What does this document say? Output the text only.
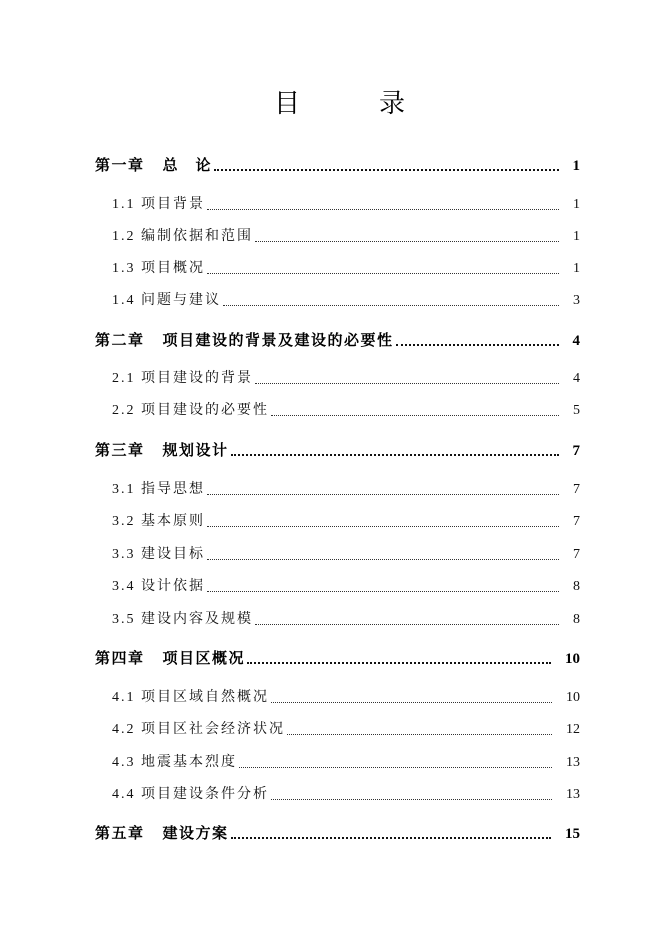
目	录
第一章 总　论	1
1.1 项目背景	1
1.2 编制依据和范围	1
1.3 项目概况	1
1.4 问题与建议	3
第二章 项目建设的背景及建设的必要性	4
2.1 项目建设的背景	4
2.2 项目建设的必要性	5
第三章 规划设计	7
3.1 指导思想	7
3.2 基本原则	7
3.3 建设目标	7
3.4 设计依据	8
3.5 建设内容及规模	8
第四章 项目区概况	10
4.1 项目区域自然概况	10
4.2 项目区社会经济状况	12
4.3 地震基本烈度	13
4.4 项目建设条件分析	13
第五章 建设方案	15
